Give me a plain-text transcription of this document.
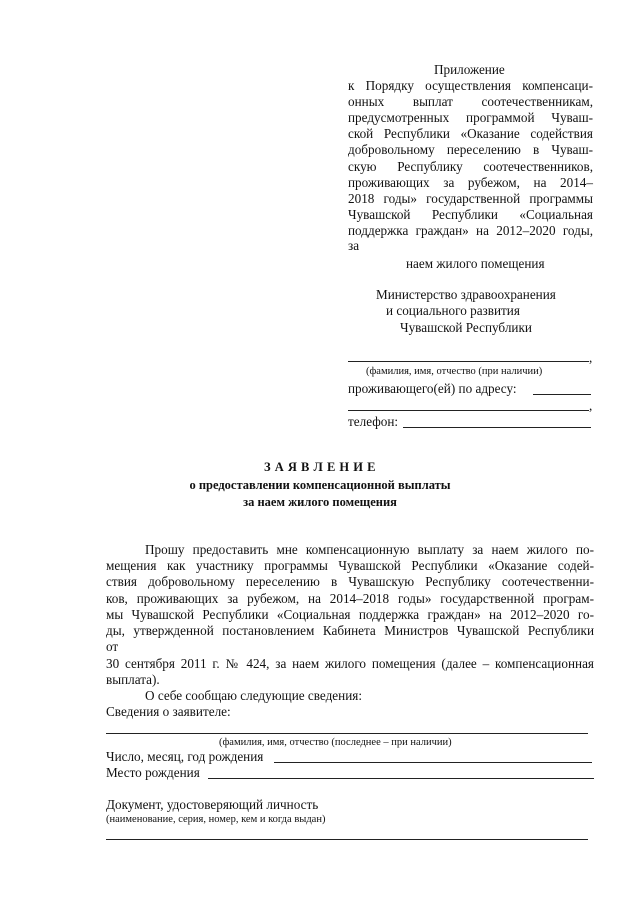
Приложение
к Порядку осуществления компенсаци-
онных выплат соотечественникам,
предусмотренных программой Чуваш-
ской Республики «Оказание содействия
добровольному переселению в Чуваш-
скую Республику соотечественников,
проживающих за рубежом, на 2014–
2018 годы» государственной программы
Чувашской Республики «Социальная
поддержка граждан» на 2012–2020 годы,
за
наем жилого помещения
Министерство здравоохранения
и социального развития
Чувашской Республики
,
(фамилия, имя, отчество (при наличии)
проживающего(ей) по адресу:
,
телефон:
З А Я В Л Е Н И Е
о предоставлении компенсационной выплаты
за наем жилого помещения
Прошу предоставить мне компенсационную выплату за наем жилого по-
мещения как участнику программы Чувашской Республики «Оказание содей-
ствия добровольному переселению в Чувашскую Республику соотечественни-
ков, проживающих за рубежом, на 2014–2018 годы» государственной програм-
мы Чувашской Республики «Социальная поддержка граждан» на 2012–2020 го-
ды, утвержденной постановлением Кабинета Министров Чувашской Республики
от
30 сентября 2011 г. № 424, за наем жилого помещения (далее – компенсационная
выплата).
О себе сообщаю следующие сведения:
Сведения о заявителе:
(фамилия, имя, отчество (последнее – при наличии)
Число, месяц, год рождения
Место рождения
Документ, удостоверяющий личность
(наименование, серия, номер, кем и когда выдан)
